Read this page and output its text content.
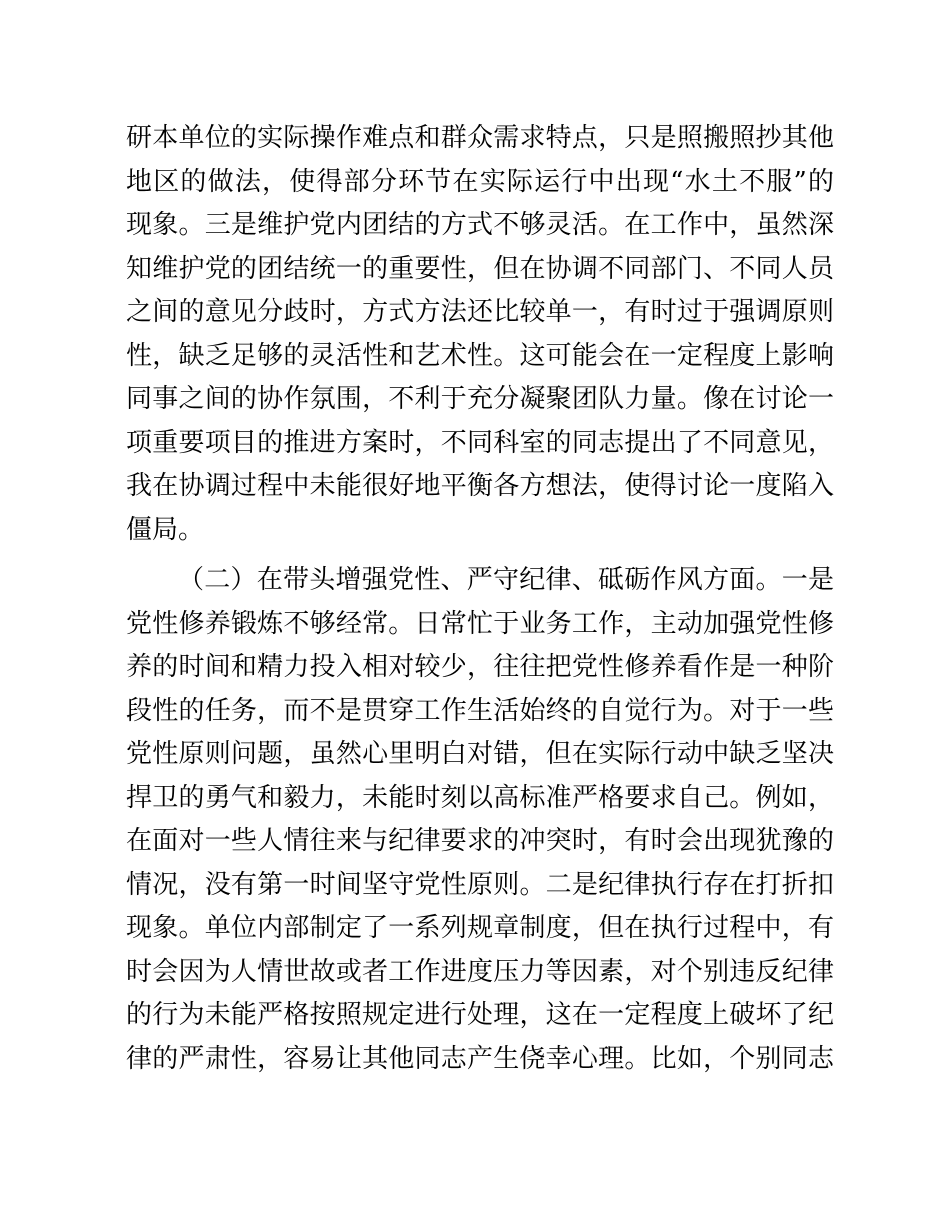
研本单位的实际操作难点和群众需求特点，只是照搬照抄其他
地区的做法，使得部分环节在实际运行中出现“水土不服”的
现象。三是维护党内团结的方式不够灵活。在工作中，虽然深
知维护党的团结统一的重要性，但在协调不同部门、不同人员
之间的意见分歧时，方式方法还比较单一，有时过于强调原则
性，缺乏足够的灵活性和艺术性。这可能会在一定程度上影响
同事之间的协作氛围，不利于充分凝聚团队力量。像在讨论一
项重要项目的推进方案时，不同科室的同志提出了不同意见，
我在协调过程中未能很好地平衡各方想法，使得讨论一度陷入
僵局。
（二）在带头增强党性、严守纪律、砥砺作风方面。一是
党性修养锻炼不够经常。日常忙于业务工作，主动加强党性修
养的时间和精力投入相对较少，往往把党性修养看作是一种阶
段性的任务，而不是贯穿工作生活始终的自觉行为。对于一些
党性原则问题，虽然心里明白对错，但在实际行动中缺乏坚决
捍卫的勇气和毅力，未能时刻以高标准严格要求自己。例如，
在面对一些人情往来与纪律要求的冲突时，有时会出现犹豫的
情况，没有第一时间坚守党性原则。二是纪律执行存在打折扣
现象。单位内部制定了一系列规章制度，但在执行过程中，有
时会因为人情世故或者工作进度压力等因素，对个别违反纪律
的行为未能严格按照规定进行处理，这在一定程度上破坏了纪
律的严肃性，容易让其他同志产生侥幸心理。比如，个别同志
